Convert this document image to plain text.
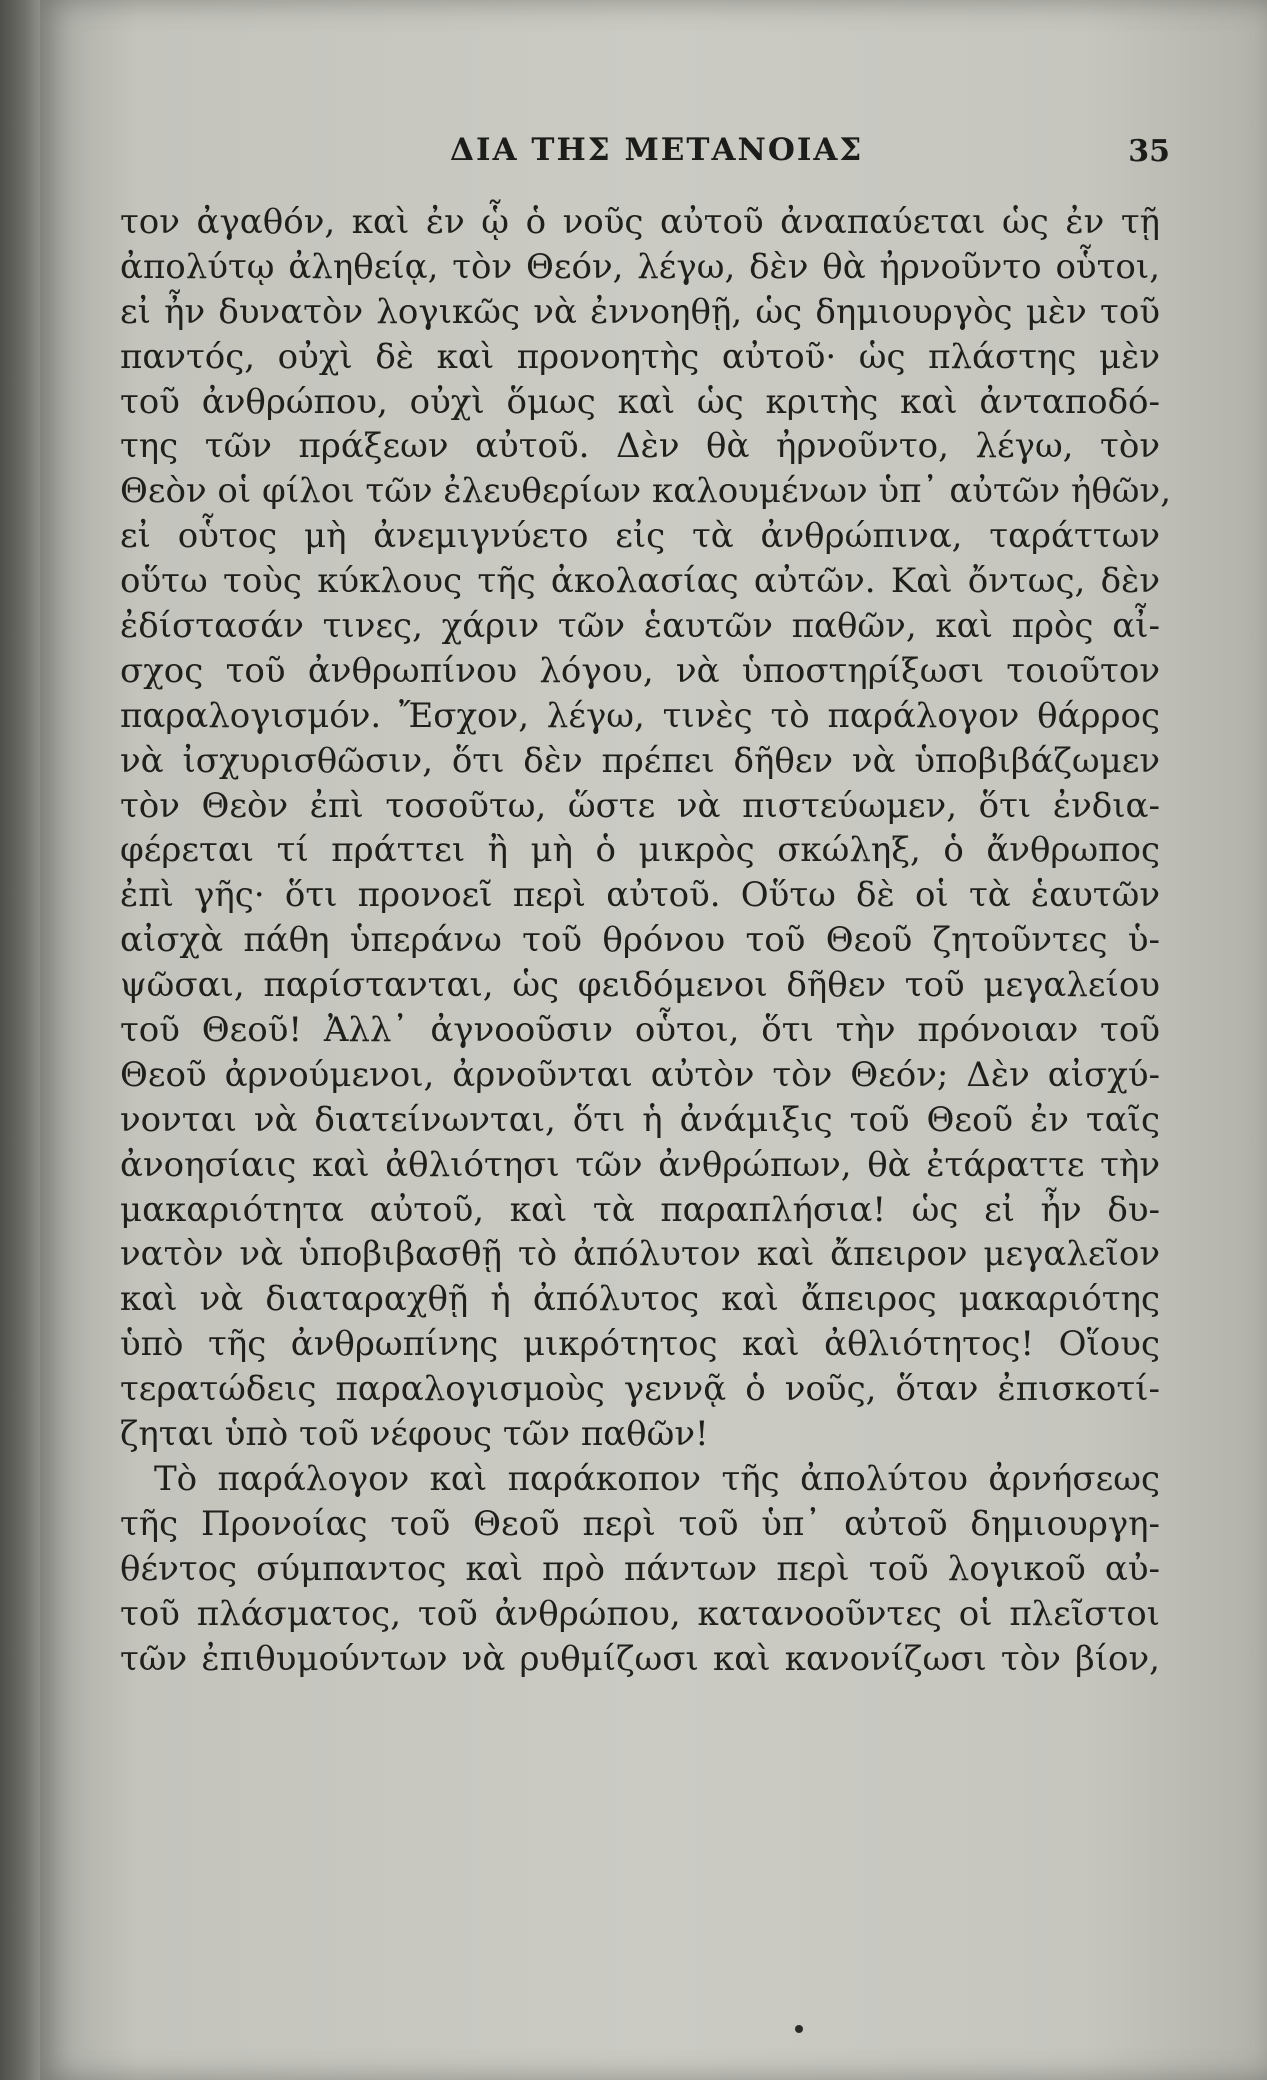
ΔΙΑ ΤΗΣ ΜΕΤΑΝΟΙΑΣ	35
τον ἀγαθόν, καὶ ἐν ᾧ ὁ νοῦς αὐτοῦ ἀναπαύεται ὡς ἐν τῇ
ἀπολύτῳ ἀληθείᾳ, τὸν Θεόν, λέγω, δὲν θὰ ἠρνοῦντο οὗτοι,
εἰ ἦν δυνατὸν λογικῶς νὰ ἐννοηθῇ, ὡς δημιουργὸς μὲν τοῦ
παντός, οὐχὶ δὲ καὶ προνοητὴς αὐτοῦ· ὡς πλάστης μὲν
τοῦ ἀνθρώπου, οὐχὶ ὅμως καὶ ὡς κριτὴς καὶ ἀνταποδό-
της τῶν πράξεων αὐτοῦ. Δὲν θὰ ἠρνοῦντο, λέγω, τὸν
Θεὸν οἱ φίλοι τῶν ἐλευθερίων καλουμένων ὑπ᾽ αὐτῶν ἠθῶν,
εἰ οὗτος μὴ ἀνεμιγνύετο εἰς τὰ ἀνθρώπινα, ταράττων
οὕτω τοὺς κύκλους τῆς ἀκολασίας αὐτῶν. Καὶ ὄντως, δὲν
ἐδίστασάν τινες, χάριν τῶν ἑαυτῶν παθῶν, καὶ πρὸς αἶ-
σχος τοῦ ἀνθρωπίνου λόγου, νὰ ὑποστηρίξωσι τοιοῦτον
παραλογισμόν. Ἔσχον, λέγω, τινὲς τὸ παράλογον θάρρος
νὰ ἰσχυρισθῶσιν, ὅτι δὲν πρέπει δῆθεν νὰ ὑποβιβάζωμεν
τὸν Θεὸν ἐπὶ τοσοῦτω, ὥστε νὰ πιστεύωμεν, ὅτι ἐνδια-
φέρεται τί πράττει ἢ μὴ ὁ μικρὸς σκώληξ, ὁ ἄνθρωπος
ἐπὶ γῆς· ὅτι προνοεῖ περὶ αὐτοῦ. Οὕτω δὲ οἱ τὰ ἑαυτῶν
αἰσχὰ πάθη ὑπεράνω τοῦ θρόνου τοῦ Θεοῦ ζητοῦντες ὑ-
ψῶσαι, παρίστανται, ὡς φειδόμενοι δῆθεν τοῦ μεγαλείου
τοῦ Θεοῦ! Ἀλλ᾽ ἀγνοοῦσιν οὗτοι, ὅτι τὴν πρόνοιαν τοῦ
Θεοῦ ἀρνούμενοι, ἀρνοῦνται αὐτὸν τὸν Θεόν; Δὲν αἰσχύ-
νονται νὰ διατείνωνται, ὅτι ἡ ἀνάμιξις τοῦ Θεοῦ ἐν ταῖς
ἀνοησίαις καὶ ἀθλιότησι τῶν ἀνθρώπων, θὰ ἐτάραττε τὴν
μακαριότητα αὐτοῦ, καὶ τὰ παραπλήσια! ὡς εἰ ἦν δυ-
νατὸν νὰ ὑποβιβασθῇ τὸ ἀπόλυτον καὶ ἄπειρον μεγαλεῖον
καὶ νὰ διαταραχθῇ ἡ ἀπόλυτος καὶ ἄπειρος μακαριότης
ὑπὸ τῆς ἀνθρωπίνης μικρότητος καὶ ἀθλιότητος! Οἵους
τερατώδεις παραλογισμοὺς γεννᾷ ὁ νοῦς, ὅταν ἐπισκοτί-
ζηται ὑπὸ τοῦ νέφους τῶν παθῶν!
Τὸ παράλογον καὶ παράκοπον τῆς ἀπολύτου ἀρνήσεως
τῆς Προνοίας τοῦ Θεοῦ περὶ τοῦ ὑπ᾽ αὐτοῦ δημιουργη-
θέντος σύμπαντος καὶ πρὸ πάντων περὶ τοῦ λογικοῦ αὐ-
τοῦ πλάσματος, τοῦ ἀνθρώπου, κατανοοῦντες οἱ πλεῖστοι
τῶν ἐπιθυμούντων νὰ ρυθμίζωσι καὶ κανονίζωσι τὸν βίον,
